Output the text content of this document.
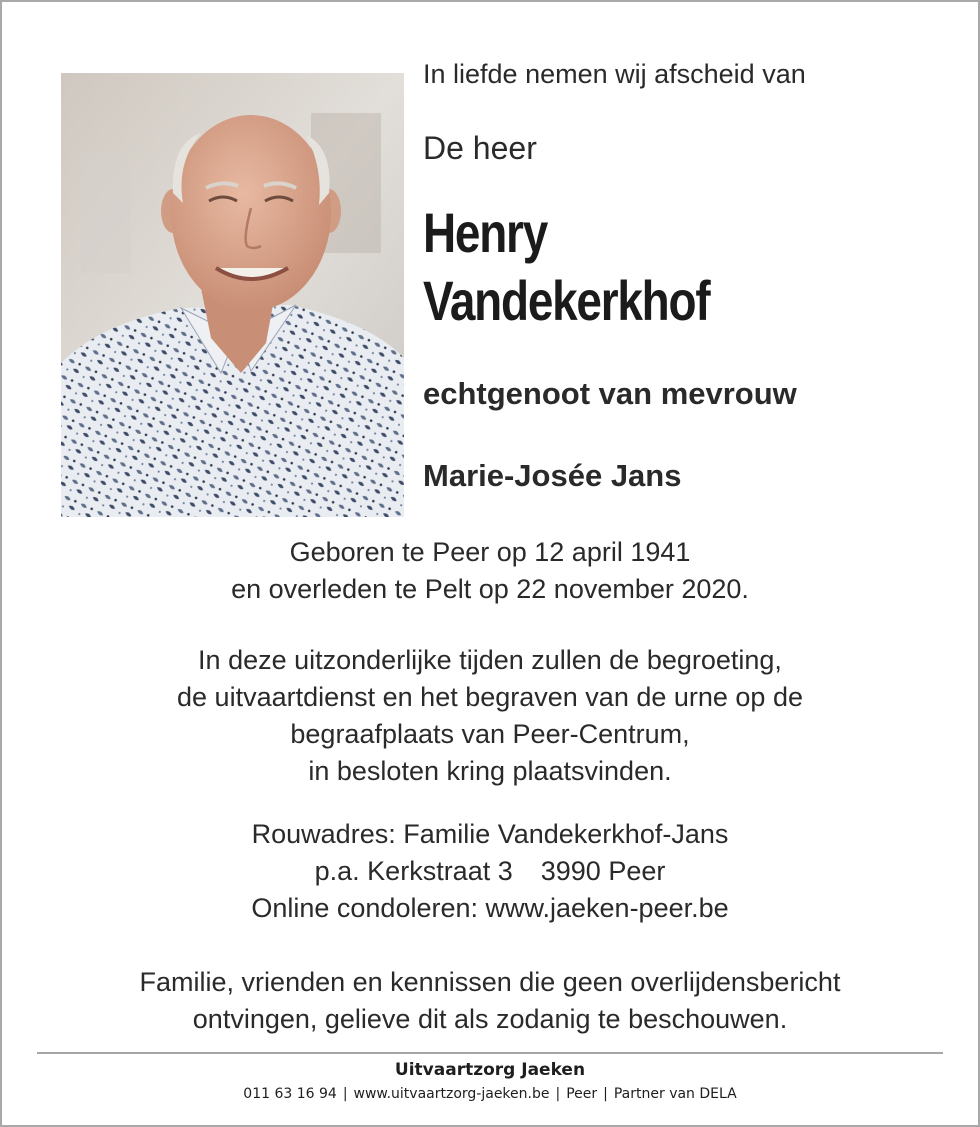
In liefde nemen wij afscheid van
De heer
Henry
Vandekerkhof
echtgenoot van mevrouw
Marie-Josée Jans
Geboren te Peer op 12 april 1941
en overleden te Pelt op 22 november 2020.
In deze uitzonderlijke tijden zullen de begroeting,
de uitvaartdienst en het begraven van de urne op de
begraafplaats van Peer-Centrum,
in besloten kring plaatsvinden.
Rouwadres: Familie Vandekerkhof-Jans
p.a. Kerkstraat 3 3990 Peer
Online condoleren: www.jaeken-peer.be
Familie, vrienden en kennissen die geen overlijdensbericht
ontvingen, gelieve dit als zodanig te beschouwen.
Uitvaartzorg Jaeken
011 63 16 94 | www.uitvaartzorg-jaeken.be | Peer | Partner van DELA
